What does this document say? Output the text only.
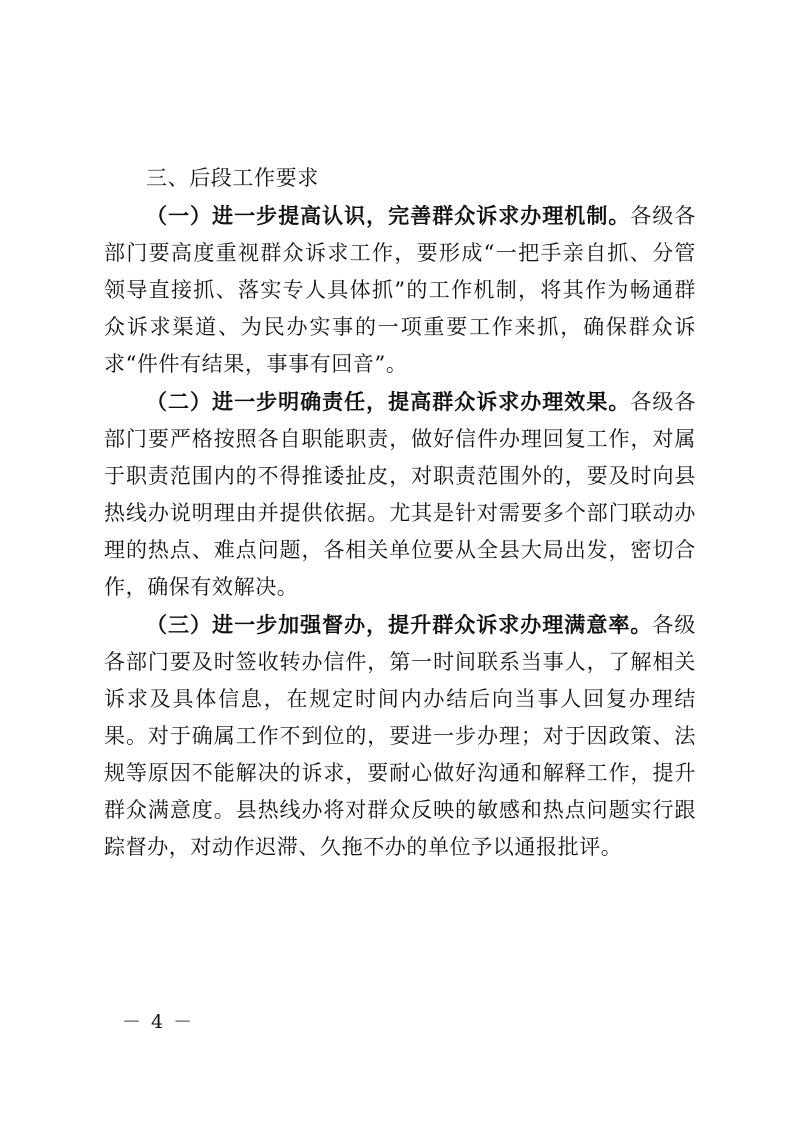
三、后段工作要求

（一）进一步提高认识，完善群众诉求办理机制。各级各部门要高度重视群众诉求工作，要形成“一把手亲自抓、分管领导直接抓、落实专人具体抓”的工作机制，将其作为畅通群众诉求渠道、为民办实事的一项重要工作来抓，确保群众诉求“件件有结果，事事有回音”。

（二）进一步明确责任，提高群众诉求办理效果。各级各部门要严格按照各自职能职责，做好信件办理回复工作，对属于职责范围内的不得推诿扯皮，对职责范围外的，要及时向县热线办说明理由并提供依据。尤其是针对需要多个部门联动办理的热点、难点问题，各相关单位要从全县大局出发，密切合作，确保有效解决。

（三）进一步加强督办，提升群众诉求办理满意率。各级各部门要及时签收转办信件，第一时间联系当事人，了解相关诉求及具体信息，在规定时间内办结后向当事人回复办理结果。对于确属工作不到位的，要进一步办理；对于因政策、法规等原因不能解决的诉求，要耐心做好沟通和解释工作，提升群众满意度。县热线办将对群众反映的敏感和热点问题实行跟踪督办，对动作迟滞、久拖不办的单位予以通报批评。

－ 4 －
